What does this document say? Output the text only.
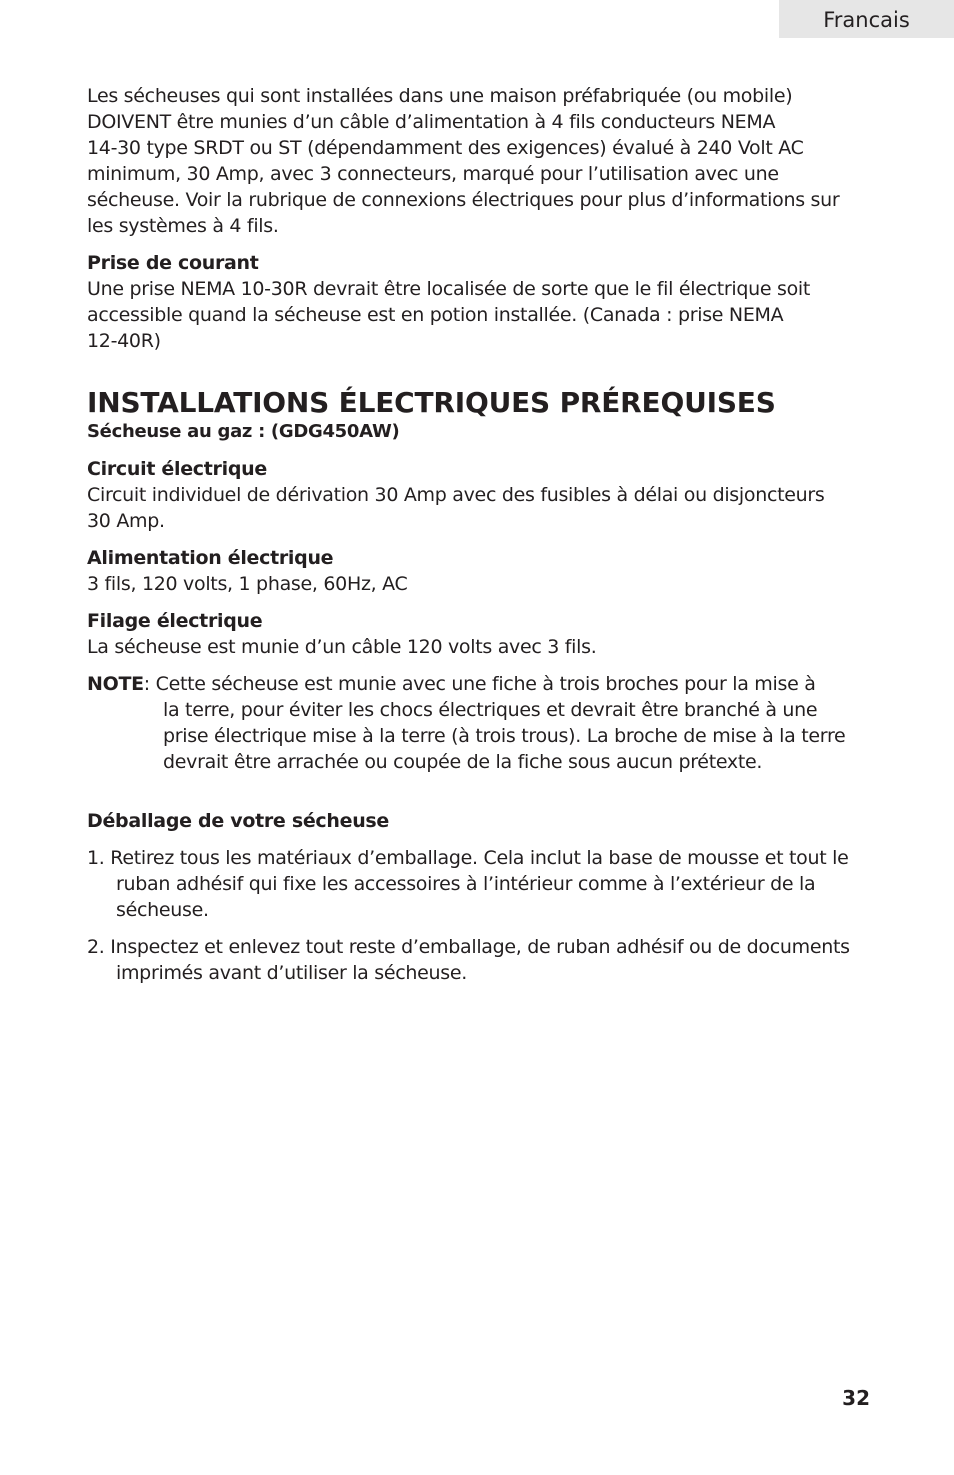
Francais

Les sécheuses qui sont installées dans une maison préfabriquée (ou mobile)

DOIVENT être munies d’un câble d’alimentation à 4 fils conducteurs NEMA

14-30 type SRDT ou ST (dépendamment des exigences) évalué à 240 Volt AC

minimum, 30 Amp, avec 3 connecteurs, marqué pour l’utilisation avec une

sécheuse. Voir la rubrique de connexions électriques pour plus d’informations sur

les systèmes à 4 fils.

Prise de courant

Une prise NEMA 10-30R devrait être localisée de sorte que le fil électrique soit

accessible quand la sécheuse est en potion installée. (Canada : prise NEMA

12-40R)

INSTALLATIONS ÉLECTRIQUES PRÉREQUISES

Sécheuse au gaz : (GDG450AW)

Circuit électrique

Circuit individuel de dérivation 30 Amp avec des fusibles à délai ou disjoncteurs

30 Amp.

Alimentation électrique

3 fils, 120 volts, 1 phase, 60Hz, AC

Filage électrique

La sécheuse est munie d’un câble 120 volts avec 3 fils.

NOTE: Cette sécheuse est munie avec une fiche à trois broches pour la mise à

la terre, pour éviter les chocs électriques et devrait être branché à une

prise électrique mise à la terre (à trois trous). La broche de mise à la terre

devrait être arrachée ou coupée de la fiche sous aucun prétexte.

Déballage de votre sécheuse

1. Retirez tous les matériaux d’emballage. Cela inclut la base de mousse et tout le ruban adhésif qui fixe les accessoires à l’intérieur comme à l’extérieur de la sécheuse.

2. Inspectez et enlevez tout reste d’emballage, de ruban adhésif ou de documents imprimés avant d’utiliser la sécheuse.

32
